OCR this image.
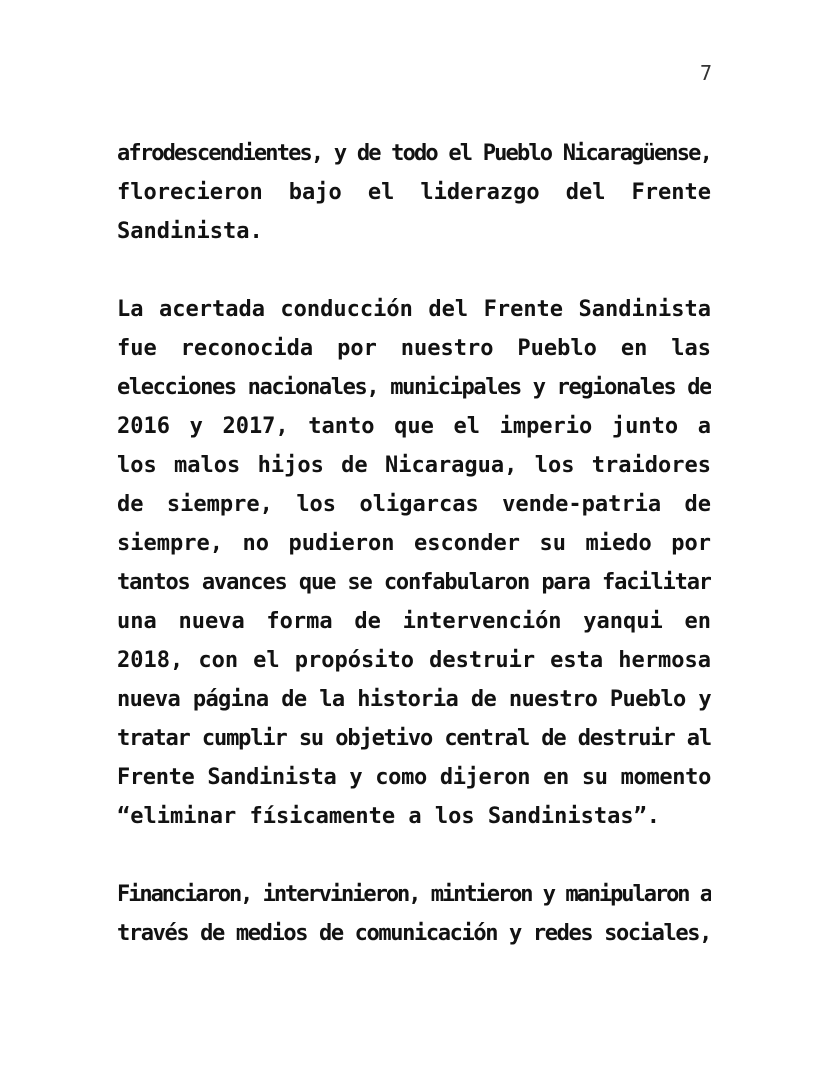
7
afrodescendientes, y de todo el Pueblo Nicaragüense,
florecieron bajo el liderazgo del Frente
Sandinista.
La acertada conducción del Frente Sandinista
fue reconocida por nuestro Pueblo en las
elecciones nacionales, municipales y regionales de
2016 y 2017, tanto que el imperio junto a
los malos hijos de Nicaragua, los traidores
de siempre, los oligarcas vende-patria de
siempre, no pudieron esconder su miedo por
tantos avances que se confabularon para facilitar
una nueva forma de intervención yanqui en
2018, con el propósito destruir esta hermosa
nueva página de la historia de nuestro Pueblo y
tratar cumplir su objetivo central de destruir al
Frente Sandinista y como dijeron en su momento
“eliminar físicamente a los Sandinistas”.
Financiaron, intervinieron, mintieron y manipularon a
través de medios de comunicación y redes sociales,
